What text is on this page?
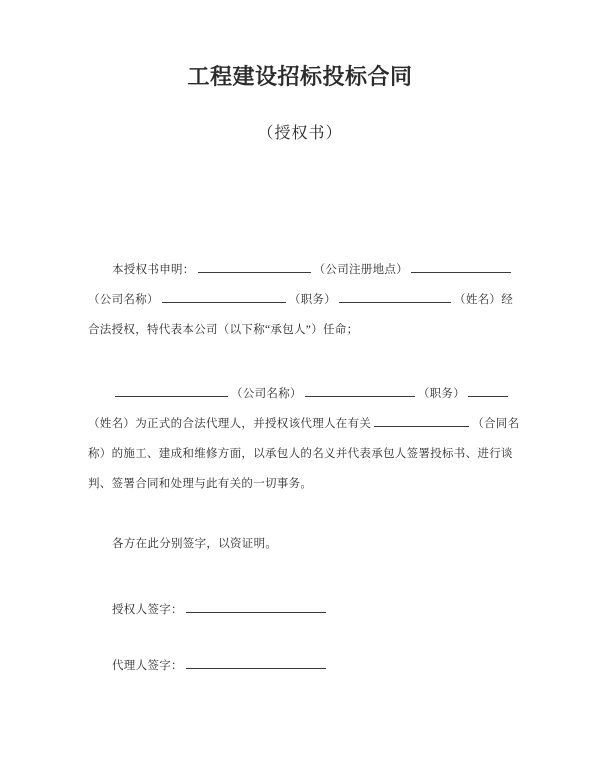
工程建设招标投标合同
（授权书）
本授权书申明：	（公司注册地点）
（公司名称）	（职务）	（姓名）经
合法授权，特代表本公司（以下称“承包人”）任命；
（公司名称）	（职务）
（姓名）为正式的合法代理人，并授权该代理人在有关	（合同名
称）的施工、建成和维修方面，以承包人的名义并代表承包人签署投标书、进行谈
判、签署合同和处理与此有关的一切事务。
各方在此分别签字，以资证明。
授权人签字：
代理人签字：
